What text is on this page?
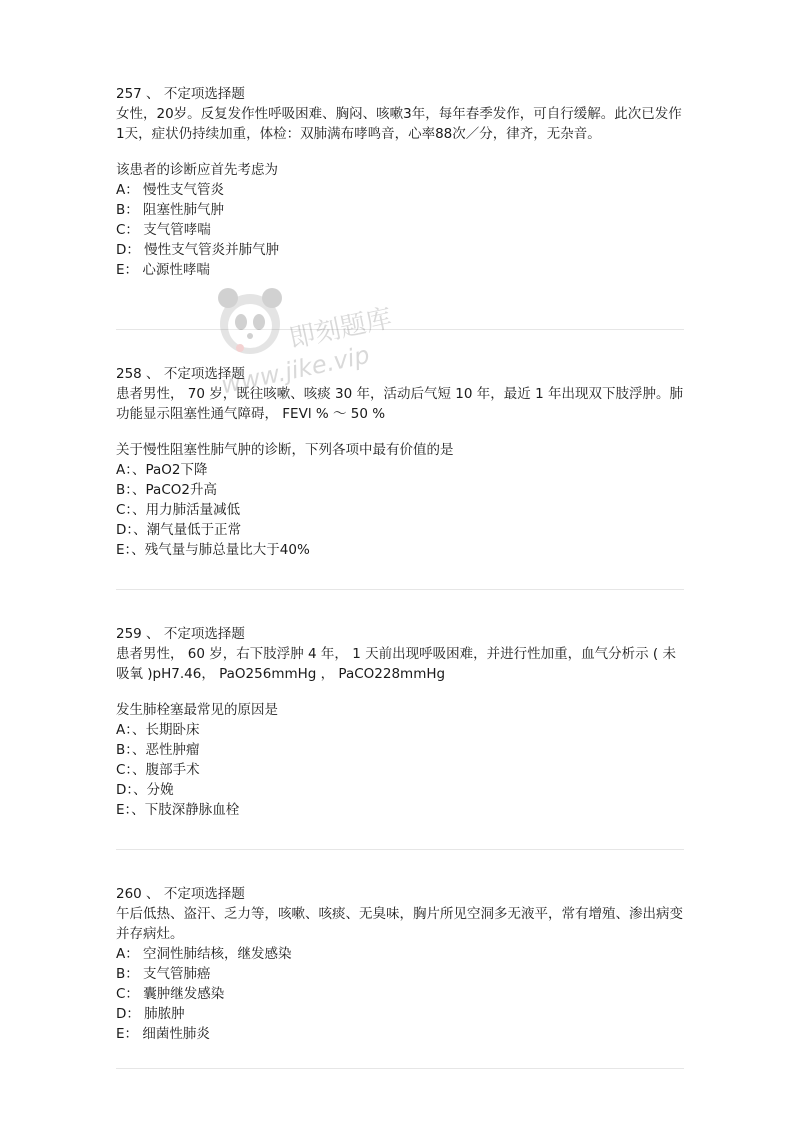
257 、 不定项选择题
女性，20岁。反复发作性呼吸困难、胸闷、咳嗽3年，每年春季发作，可自行缓解。此次已发作1天，症状仍持续加重，体检：双肺满布哮鸣音，心率88次／分，律齐，无杂音。
该患者的诊断应首先考虑为
A： 慢性支气管炎
B： 阻塞性肺气肿
C： 支气管哮喘
D： 慢性支气管炎并肺气肿
E： 心源性哮喘
258 、 不定项选择题
患者男性， 70 岁，既往咳嗽、咳痰 30 年，活动后气短 10 年，最近 1 年出现双下肢浮肿。肺功能显示阻塞性通气障碍， FEVl % ～ 50 %
关于慢性阻塞性肺气肿的诊断，下列各项中最有价值的是
A：、PaO2下降
B：、PaCO2升高
C：、用力肺活量减低
D：、潮气量低于正常
E：、残气量与肺总量比大于40%
259 、 不定项选择题
患者男性， 60 岁，右下肢浮肿 4 年， 1 天前出现呼吸困难，并进行性加重，血气分析示 ( 未吸氧 )pH7.46， PaO256mmHg ， PaCO228mmHg
发生肺栓塞最常见的原因是
A：、长期卧床
B：、恶性肿瘤
C：、腹部手术
D：、分娩
E：、下肢深静脉血栓
260 、 不定项选择题
午后低热、盗汗、乏力等，咳嗽、咳痰、无臭味，胸片所见空洞多无液平，常有增殖、渗出病变并存病灶。
A： 空洞性肺结核，继发感染
B： 支气管肺癌
C： 囊肿继发感染
D： 肺脓肿
E： 细菌性肺炎
即刻题库
www.jike.vip
